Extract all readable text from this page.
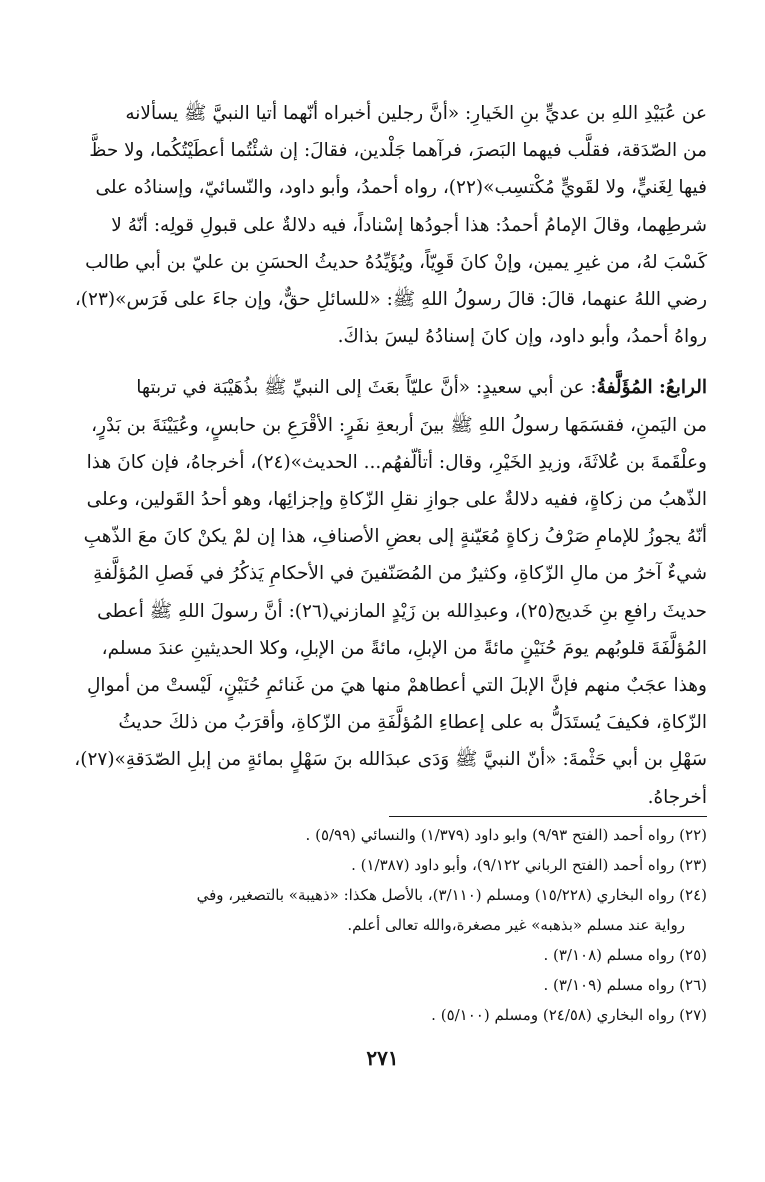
عن عُبَيْدِ اللهِ بن عديٍّ بنِ الخَيارِ: «أنَّ رجلين أخبراه أنّهما أتيا النبيَّ ﷺ يسألانه
من الصّدَقة، فقلَّب فيهما البَصرَ، فرآهما جَلْدين، فقالَ: إن شئْتُما أعطَيْتُكُما، ولا حظَّ
فيها لِغَنيٍّ، ولا لقَويٍّ مُكْتسِب»(٢٢)، رواه أحمدُ، وأبو داود، والنّسائيّ، وإسنادُه على
شرطِهما، وقالَ الإمامُ أحمدُ: هذا أجودُها إسْناداً، فيه دلالةٌ على قبولِ قولِه: أنّهُ لا
كَسْبَ لهُ، من غيرِ يمين، وإنْ كانَ قَوِيّاً، ويُؤَيِّدُهُ حديثُ الحسَنِ بن عليّ بن أبي طالب
رضي اللهُ عنهما، قالَ: قالَ رسولُ اللهِ ﷺ: «للسائلِ حقٌّ، وإن جاءَ على فَرَس»(٢٣)،
رواهُ أحمدُ، وأبو داود، وإن كانَ إسنادُهُ ليسَ بذاكَ.

الرابعُ: المُؤَلَّفةُ: عن أبي سعيدٍ: «أنَّ عليّاً بعَثَ إلى النبيِّ ﷺ بذُهَيْبَة في تربتها
من اليَمنِ، فقسَمَها رسولُ اللهِ ﷺ بينَ أربعةِ نفَرٍ: الأقْرَعِ بن حابسٍ، وعُيَيْنَةَ بن بَدْرٍ،
وعلْقَمةَ بن عُلاثَةَ، وزيدِ الخَيْرِ، وقال: أتألّفهُم... الحديث»(٢٤)، أخرجاهُ، فإن كانَ هذا
الذّهبُ من زكاةٍ، ففيه دلالةٌ على جوازِ نقلِ الزّكاةِ وإجزائِها، وهو أحدُ القَولين، وعلى
أنّهُ يجوزُ للإمامِ صَرْفُ زكاةٍ مُعَيّنةٍ إلى بعضِ الأصنافِ، هذا إن لمْ يكنْ كانَ معَ الذّهبِ
شيءٌ آخرُ من مالِ الزّكاةِ، وكثيرٌ من المُصَنّفينَ في الأحكامِ يَذكُرُ في فَصلِ المُؤلَّفةِ
حديثَ رافعِ بنِ خَديج(٢٥)، وعبدِالله بن زَيْدٍ المازني(٢٦): أنَّ رسولَ اللهِ ﷺ أعطى
المُؤلَّفَةَ قلوبُهم يومَ حُنَيْنٍ مائةً من الإبلِ، مائةً من الإبلِ، وكلا الحديثينِ عندَ مسلم،
وهذا عجَبٌ منهم فإنَّ الإبلَ التي أعطاهمْ منها هيَ من غَنائمِ حُنَيْنٍ، لَيْستْ من أموالِ
الزّكاةِ، فكيفَ يُستَدَلُّ به على إعطاءِ المُؤلَّفَةِ من الزّكاةِ، وأقرَبُ من ذلكَ حديثُ
سَهْلِ بن أبي حَثْمةَ: «أنّ النبيَّ ﷺ وَدَى عبدَالله بنَ سَهْلٍ بمائةٍ من إبلِ الصّدَقةِ»(٢٧)،
أخرجاهُ.

(٢٢) رواه أحمد (الفتح ٩/٩٣) وابو داود (١/٣٧٩) والنسائي (٥/٩٩) .

(٢٣) رواه أحمد (الفتح الرباني ٩/١٢٢)، وأبو داود (١/٣٨٧) .

(٢٤) رواه البخاري (١٥/٢٢٨) ومسلم (٣/١١٠)، بالأصل هكذا: «ذهيبة» بالتصغير، وفي

رواية عند مسلم «بذهبه» غير مصغرة،والله تعالى أعلم.

(٢٥) رواه مسلم (٣/١٠٨) .

(٢٦) رواه مسلم (٣/١٠٩) .

(٢٧) رواه البخاري (٢٤/٥٨) ومسلم (٥/١٠٠) .

٢٧١
